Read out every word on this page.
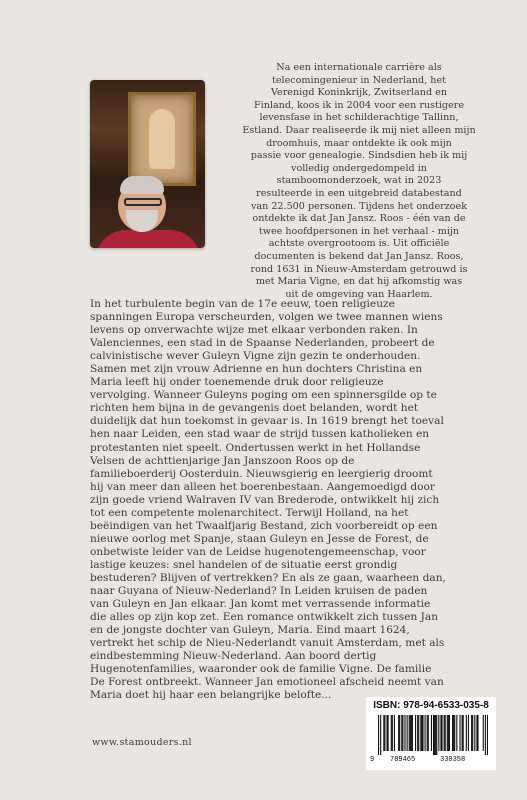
Na een internationale carrière als
telecomingenieur in Nederland, het
Verenigd Koninkrijk, Zwitserland en
Finland, koos ik in 2004 voor een rustigere
levensfase in het schilderachtige Tallinn,
Estland. Daar realiseerde ik mij niet alleen mijn
droomhuis, maar ontdekte ik ook mijn
passie voor genealogie. Sindsdien heb ik mij
volledig ondergedompeld in
stamboomonderzoek, wat in 2023
resulteerde in een uitgebreid databestand
van 22.500 personen. Tijdens het onderzoek
ontdekte ik dat Jan Jansz. Roos - één van de
twee hoofdpersonen in het verhaal - mijn
achtste overgrootoom is. Uit officiële
documenten is bekend dat Jan Jansz. Roos,
rond 1631 in Nieuw-Amsterdam getrouwd is
met Maria Vigne, en dat hij afkomstig was
uit de omgeving van Haarlem.
In het turbulente begin van de 17e eeuw, toen religieuze
spanningen Europa verscheurden, volgen we twee mannen wiens
levens op onverwachte wijze met elkaar verbonden raken. In
Valenciennes, een stad in de Spaanse Nederlanden, probeert de
calvinistische wever Guleyn Vigne zijn gezin te onderhouden.
Samen met zijn vrouw Adrienne en hun dochters Christina en
Maria leeft hij onder toenemende druk door religieuze
vervolging. Wanneer Guleyns poging om een spinnersgilde op te
richten hem bijna in de gevangenis doet belanden, wordt het
duidelijk dat hun toekomst in gevaar is. In 1619 brengt het toeval
hen naar Leiden, een stad waar de strijd tussen katholieken en
protestanten niet speelt. Ondertussen werkt in het Hollandse
Velsen de achttienjarige Jan Janszoon Roos op de
familieboerderij Oosterduin. Nieuwsgierig en leergierig droomt
hij van meer dan alleen het boerenbestaan. Aangemoedigd door
zijn goede vriend Walraven IV van Brederode, ontwikkelt hij zich
tot een competente molenarchitect. Terwijl Holland, na het
beëindigen van het Twaalfjarig Bestand, zich voorbereidt op een
nieuwe oorlog met Spanje, staan Guleyn en Jesse de Forest, de
onbetwiste leider van de Leidse hugenotengemeenschap, voor
lastige keuzes: snel handelen of de situatie eerst grondig
bestuderen? Blijven of vertrekken? En als ze gaan, waarheen dan,
naar Guyana of Nieuw-Nederland? In Leiden kruisen de paden
van Guleyn en Jan elkaar. Jan komt met verrassende informatie
die alles op zijn kop zet. Een romance ontwikkelt zich tussen Jan
en de jongste dochter van Guleyn, Maria. Eind maart 1624,
vertrekt het schip de Nieu-Nederlandt vanuit Amsterdam, met als
eindbestemming Nieuw-Nederland. Aan boord dertig
Hugenotenfamilies, waaronder ook de familie Vigne. De familie
De Forest ontbreekt. Wanneer Jan emotioneel afscheid neemt van
Maria doet hij haar een belangrijke belofte...
www.stamouders.nl
ISBN: 978-94-6533-035-8
9 789465	330358
